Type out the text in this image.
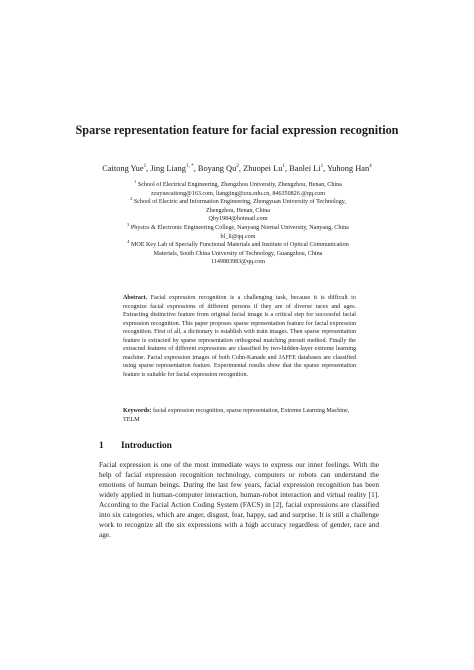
Sparse representation feature for facial expression recognition
Caitong Yue$^1$, Jing Liang$^{1, *}$, Boyang Qu$^2$, Zhuopei Lu$^1$, Baolei Li$^1$, Yuhong Han$^4$
$^1$ School of Electrical Engineering, Zhengzhou University, Zhengzhou, Henan, China
zzuyuecaitong@163.com, liangjing@zzu.edu.cn, 846350826 @qq.com
$^2$ School of Electric and Information Engineering, Zhongyuan University of Technology,
Zhengzhou, Henan, China
Qby1984@hotmail.com
$^3$ Physics & Electronic Engineering College, Nanyang Normal University, Nanyang, China
bl_li@qq.com
$^4$ MOE Key Lab of Specially Functional Materials and Institute of Optical Communication
Materials, South China University of Technology, Guangzhou, China
1149883983@qq.com
Abstract. Facial expression recognition is a challenging task, because it is difficult to recognize facial expressions of different persons if they are of diverse races and ages. Extracting distinctive feature from original facial image is a critical step for successful facial expression recognition. This paper proposes sparse representation feature for facial expression recognition. First of all, a dictionary is establish with train images. Then sparse representation feature is extracted by sparse representation orthogonal matching pursuit method. Finally the extracted features of different expressions are classified by two-hidden-layer extreme learning machine. Facial expression images of both Cohn-Kanade and JAFFE databases are classified using sparse representation feature. Experimental results show that the sparse representation feature is suitable for facial expression recognition.
Keywords: facial expression recognition, sparse representation, Extreme Learning Machine, TELM
1 Introduction
Facial expression is one of the most immediate ways to express our inner feelings. With the help of facial expression recognition technology, computers or robots can understand the emotions of human beings. During the last few years, facial expression recognition has been widely applied in human-computer interaction, human-robot interaction and virtual reality [1]. According to the Facial Action Coding System (FACS) in [2], facial expressions are classified into six categories, which are anger, disgust, fear, happy, sad and surprise. It is still a challenge work to recognize all the six expressions with a high accuracy regardless of gender, race and age.
